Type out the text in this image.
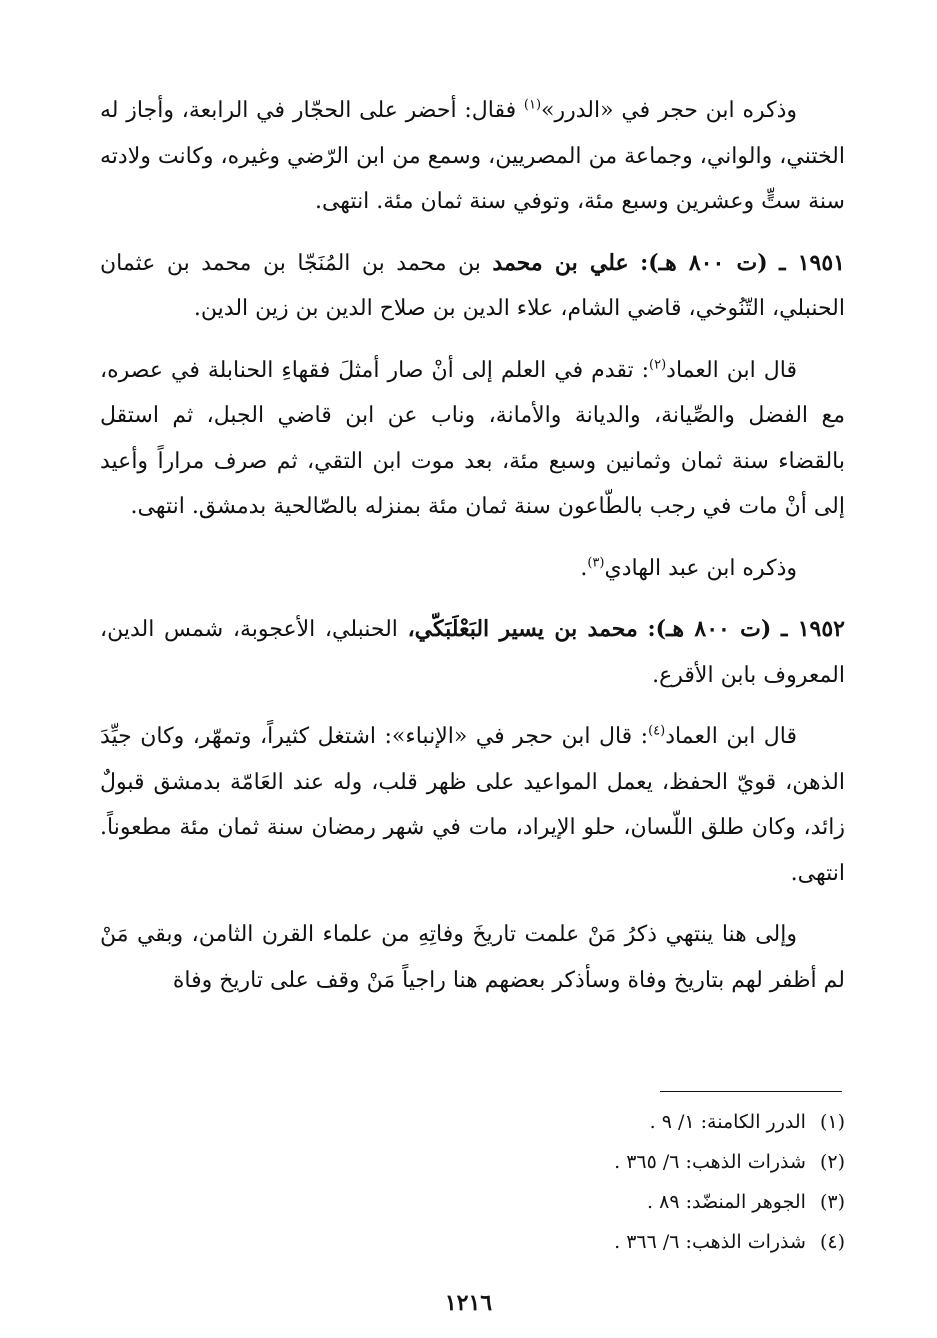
وذكره ابن حجر في «الدرر»$^{(١)}$ فقال: أحضر على الحجّار في الرابعة، وأجاز له الختني، والواني، وجماعة من المصريين، وسمع من ابن الرّضي وغيره، وكانت ولادته سنة ستٍّ وعشرين وسبع مئة، وتوفي سنة ثمان مئة. انتهى.

١٩٥١ ـ (ت ٨٠٠ هـ): علي بن محمد بن محمد بن المُنَجّا بن محمد بن عثمان الحنبلي، التّنُوخي، قاضي الشام، علاء الدين بن صلاح الدين بن زين الدين.

قال ابن العماد$^{(٢)}$: تقدم في العلم إلى أنْ صار أمثلَ فقهاءِ الحنابلة في عصره، مع الفضل والصِّيانة، والديانة والأمانة، وناب عن ابن قاضي الجبل، ثم استقل بالقضاء سنة ثمان وثمانين وسبع مئة، بعد موت ابن التقي، ثم صرف مراراً وأعيد إلى أنْ مات في رجب بالطّاعون سنة ثمان مئة بمنزله بالصّالحية بدمشق. انتهى.

وذكره ابن عبد الهادي$^{(٣)}$.

١٩٥٢ ـ (ت ٨٠٠ هـ): محمد بن يسير البَعْلَبَكّي، الحنبلي، الأعجوبة، شمس الدين، المعروف بابن الأقرع.

قال ابن العماد$^{(٤)}$: قال ابن حجر في «الإنباء»: اشتغل كثيراً، وتمهّر، وكان جيِّدَ الذهن، قويّ الحفظ، يعمل المواعيد على ظهر قلب، وله عند العَامّة بدمشق قبولٌ زائد، وكان طلق اللّسان، حلو الإيراد، مات في شهر رمضان سنة ثمان مئة مطعوناً. انتهى.

وإلى هنا ينتهي ذكرُ مَنْ علمت تاريخَ وفاتِهِ من علماء القرن الثامن، وبقي مَنْ لم أظفر لهم بتاريخ وفاة وسأذكر بعضهم هنا راجياً مَنْ وقف على تاريخ وفاة

(١)الدرر الكامنة: ١/ ٩ .
(٢)شذرات الذهب: ٦/ ٣٦٥ .
(٣)الجوهر المنضّد: ٨٩ .
(٤)شذرات الذهب: ٦/ ٣٦٦ .
١٢١٦
